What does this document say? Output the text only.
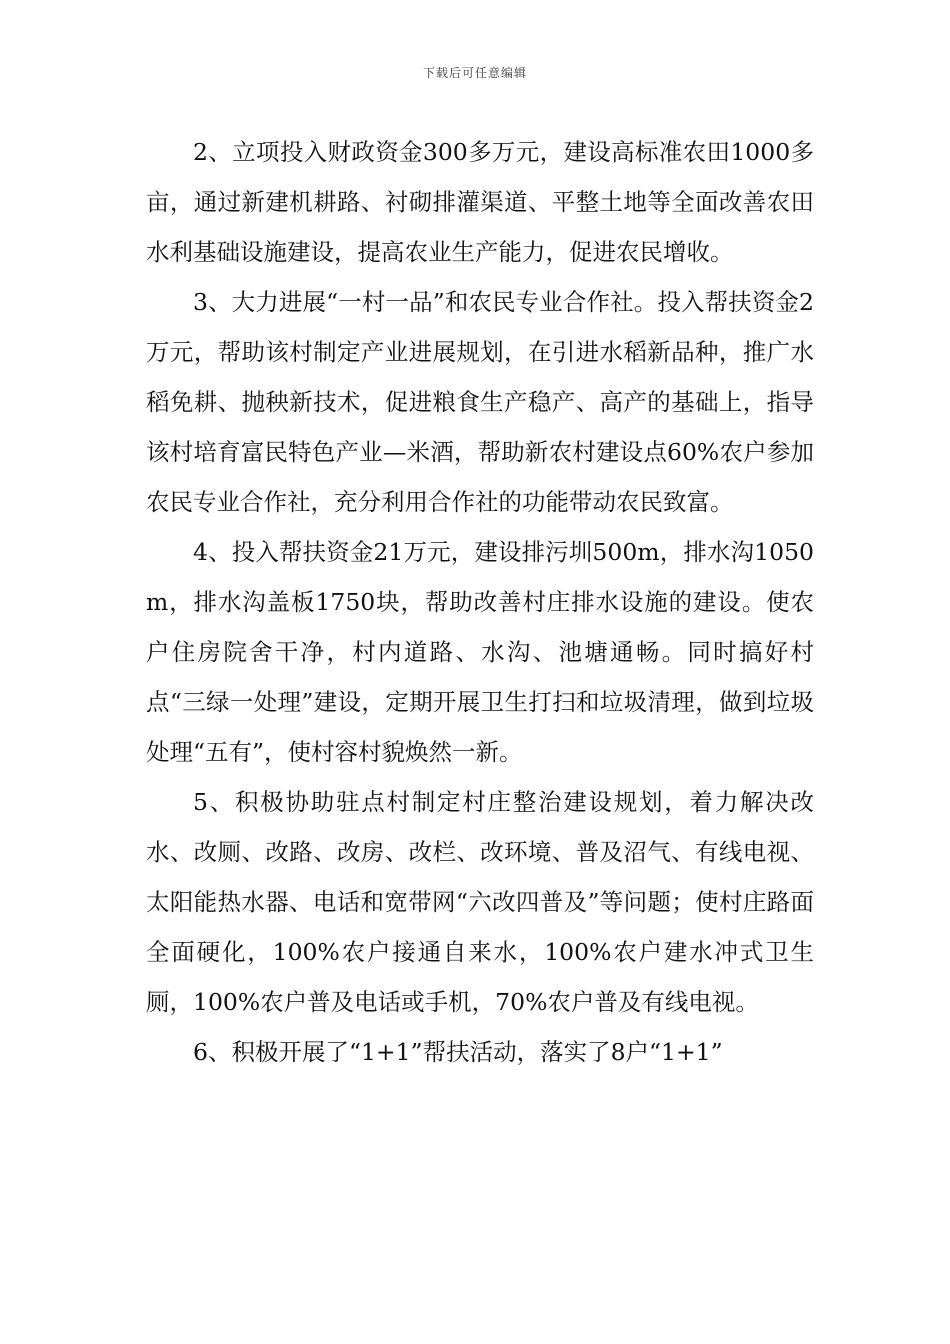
下载后可任意编辑

2、立项投入财政资金300多万元，建设高标准农田1000多亩，通过新建机耕路、衬砌排灌渠道、平整土地等全面改善农田水利基础设施建设，提高农业生产能力，促进农民增收。

3、大力进展“一村一品”和农民专业合作社。投入帮扶资金2万元，帮助该村制定产业进展规划，在引进水稻新品种，推广水稻免耕、抛秧新技术，促进粮食生产稳产、高产的基础上，指导该村培育富民特色产业—米酒，帮助新农村建设点60%农户参加农民专业合作社，充分利用合作社的功能带动农民致富。

4、投入帮扶资金21万元，建设排污圳500m，排水沟1050m，排水沟盖板1750块，帮助改善村庄排水设施的建设。使农户住房院舍干净，村内道路、水沟、池塘通畅。同时搞好村点“三绿一处理”建设，定期开展卫生打扫和垃圾清理，做到垃圾处理“五有”，使村容村貌焕然一新。

5、积极协助驻点村制定村庄整治建设规划，着力解决改水、改厕、改路、改房、改栏、改环境、普及沼气、有线电视、太阳能热水器、电话和宽带网“六改四普及”等问题；使村庄路面全面硬化，100%农户接通自来水，100%农户建水冲式卫生厕，100%农户普及电话或手机，70%农户普及有线电视。

6、积极开展了“1+1”帮扶活动，落实了8户“1+1”
